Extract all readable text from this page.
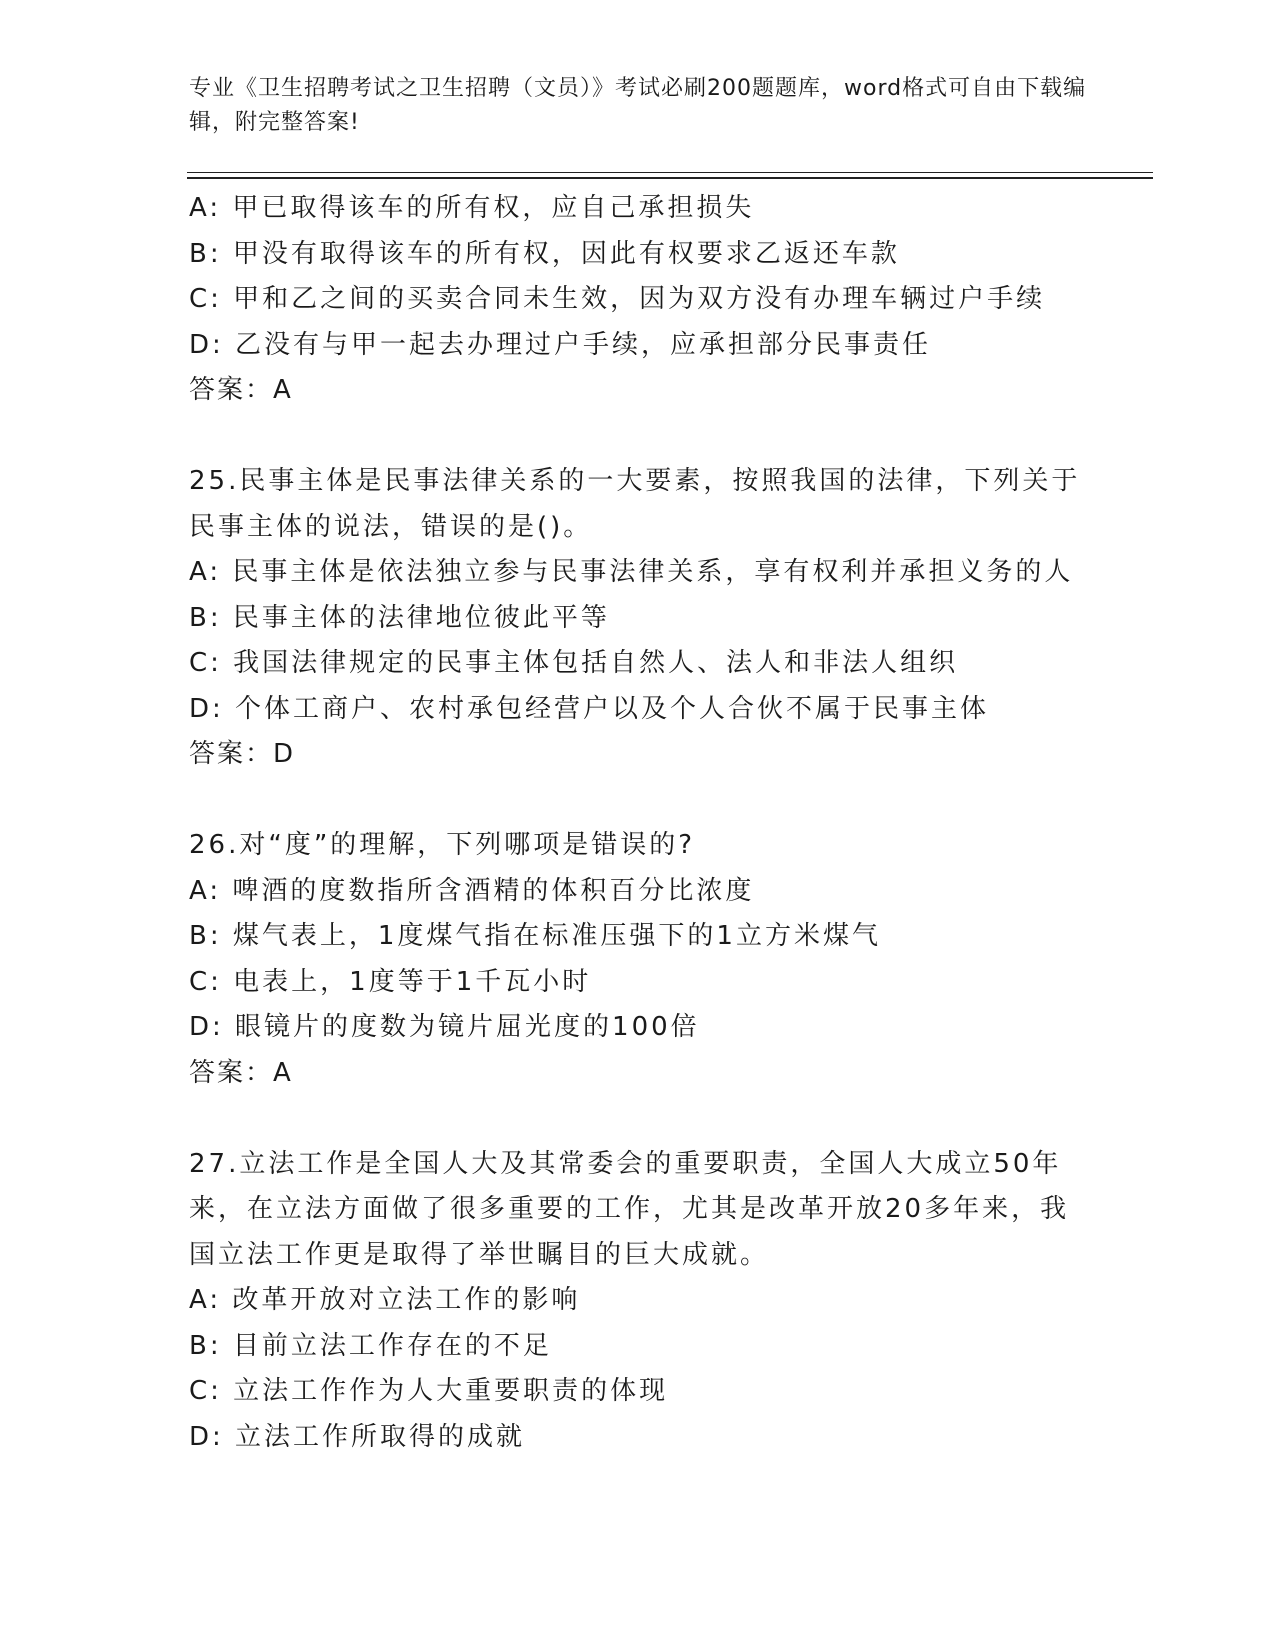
专业《卫生招聘考试之卫生招聘（文员）》考试必刷200题题库，word格式可自由下载编辑，附完整答案!
A: 甲已取得该车的所有权，应自己承担损失
B: 甲没有取得该车的所有权，因此有权要求乙返还车款
C: 甲和乙之间的买卖合同未生效，因为双方没有办理车辆过户手续
D: 乙没有与甲一起去办理过户手续，应承担部分民事责任
答案：A
25.民事主体是民事法律关系的一大要素，按照我国的法律，下列关于
民事主体的说法，错误的是()。
A: 民事主体是依法独立参与民事法律关系，享有权利并承担义务的人
B: 民事主体的法律地位彼此平等
C: 我国法律规定的民事主体包括自然人、法人和非法人组织
D: 个体工商户、农村承包经营户以及个人合伙不属于民事主体
答案：D
26.对“度”的理解，下列哪项是错误的?
A: 啤酒的度数指所含酒精的体积百分比浓度
B: 煤气表上，1度煤气指在标准压强下的1立方米煤气
C: 电表上，1度等于1千瓦小时
D: 眼镜片的度数为镜片屈光度的100倍
答案：A
27.立法工作是全国人大及其常委会的重要职责，全国人大成立50年
来，在立法方面做了很多重要的工作，尤其是改革开放20多年来，我
国立法工作更是取得了举世瞩目的巨大成就。
A: 改革开放对立法工作的影响
B: 目前立法工作存在的不足
C: 立法工作作为人大重要职责的体现
D: 立法工作所取得的成就
